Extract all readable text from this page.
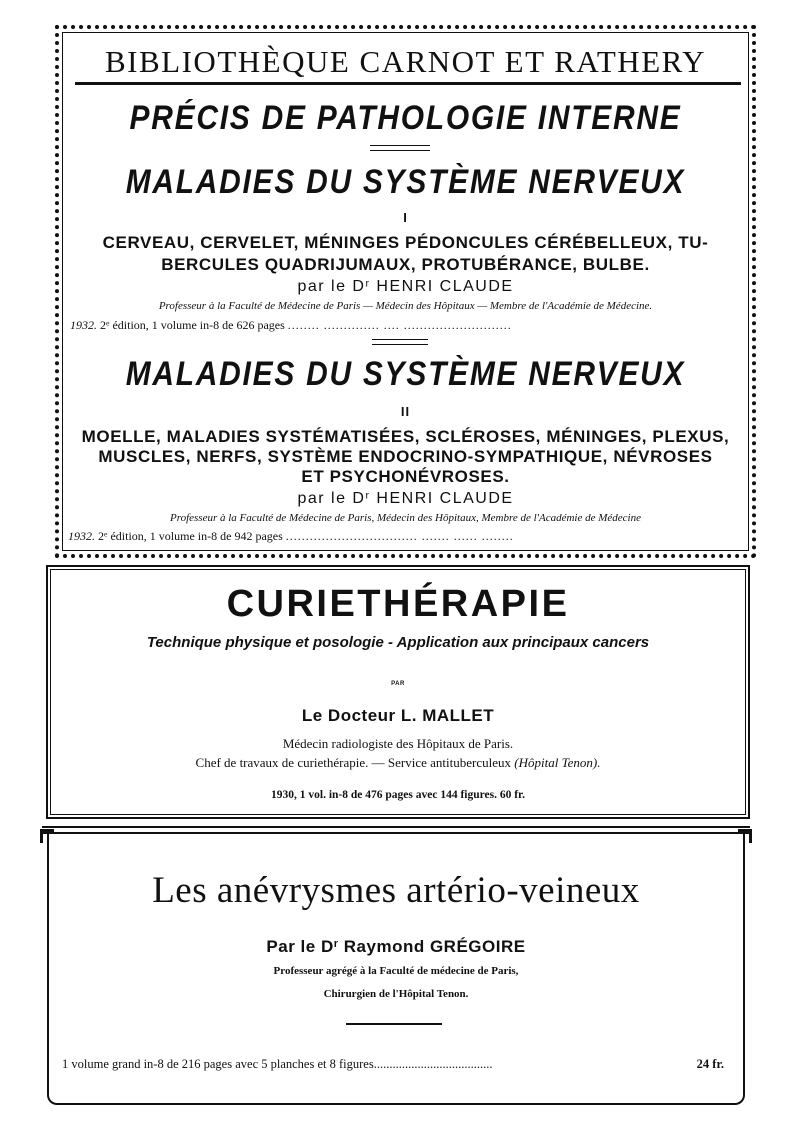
BIBLIOTHÈQUE CARNOT ET RATHERY
PRÉCIS DE PATHOLOGIE INTERNE
MALADIES DU SYSTÈME NERVEUX
I
CERVEAU, CERVELET, MÉNINGES PÉDONCULES CÉRÉBELLEUX, TU-
BERCULES QUADRIJUMAUX, PROTUBÉRANCE, BULBE.
par le $D^r$ HENRI CLAUDE
Professeur à la Faculté de Médecine de Paris — Médecin des Hôpitaux — Membre de l'Académie de Médecine.
1932. 2e édition, 1 volume in-8 de 626 pages ........ .............. .... ...........................
MALADIES DU SYSTÈME NERVEUX
II
MOELLE, MALADIES SYSTÉMATISÉES, SCLÉROSES, MÉNINGES, PLEXUS,
MUSCLES, NERFS, SYSTÈME ENDOCRINO-SYMPATHIQUE, NÉVROSES
ET PSYCHONÉVROSES.
par le $D^r$ HENRI CLAUDE
Professeur à la Faculté de Médecine de Paris, Médecin des Hôpitaux, Membre de l'Académie de Médecine
1932. 2e édition, 1 volume in-8 de 942 pages ................................. ....... ...... ........
CURIETHÉRAPIE
Technique physique et posologie - Application aux principaux cancers
PAR
Le Docteur L. MALLET
Médecin radiologiste des Hôpitaux de Paris.
Chef de travaux de curiethérapie. — Service antituberculeux (Hôpital Tenon).
1930, 1 vol. in-8 de 476 pages avec 144 figures. 60 fr.
Les anévrysmes artério-veineux
Par le $D^r$ Raymond GRÉGOIRE
Professeur agrégé à la Faculté de médecine de Paris,
Chirurgien de l'Hôpital Tenon.
1 volume grand in-8 de 216 pages avec 5 planches et 8 figures......................................	24 fr.
